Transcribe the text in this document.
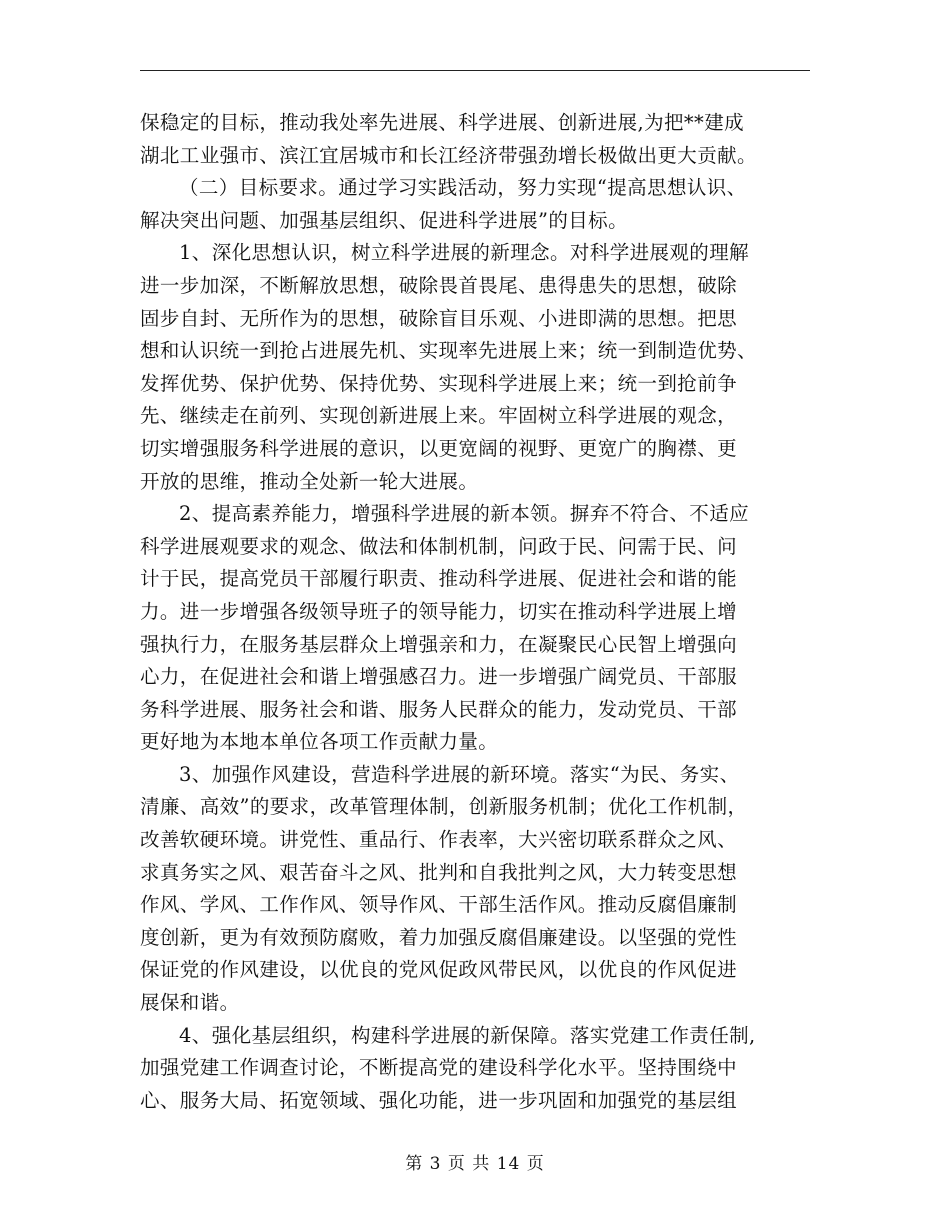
保稳定的目标，推动我处率先进展、科学进展、创新进展,为把**建成
湖北工业强市、滨江宜居城市和长江经济带强劲增长极做出更大贡献。
（二）目标要求。通过学习实践活动，努力实现“提高思想认识、
解决突出问题、加强基层组织、促进科学进展”的目标。
1、深化思想认识，树立科学进展的新理念。对科学进展观的理解
进一步加深，不断解放思想，破除畏首畏尾、患得患失的思想，破除
固步自封、无所作为的思想，破除盲目乐观、小进即满的思想。把思
想和认识统一到抢占进展先机、实现率先进展上来；统一到制造优势、
发挥优势、保护优势、保持优势、实现科学进展上来；统一到抢前争
先、继续走在前列、实现创新进展上来。牢固树立科学进展的观念，
切实增强服务科学进展的意识，以更宽阔的视野、更宽广的胸襟、更
开放的思维，推动全处新一轮大进展。
2、提高素养能力，增强科学进展的新本领。摒弃不符合、不适应
科学进展观要求的观念、做法和体制机制，问政于民、问需于民、问
计于民，提高党员干部履行职责、推动科学进展、促进社会和谐的能
力。进一步增强各级领导班子的领导能力，切实在推动科学进展上增
强执行力，在服务基层群众上增强亲和力，在凝聚民心民智上增强向
心力，在促进社会和谐上增强感召力。进一步增强广阔党员、干部服
务科学进展、服务社会和谐、服务人民群众的能力，发动党员、干部
更好地为本地本单位各项工作贡献力量。
3、加强作风建设，营造科学进展的新环境。落实“为民、务实、
清廉、高效”的要求，改革管理体制，创新服务机制；优化工作机制，
改善软硬环境。讲党性、重品行、作表率，大兴密切联系群众之风、
求真务实之风、艰苦奋斗之风、批判和自我批判之风，大力转变思想
作风、学风、工作作风、领导作风、干部生活作风。推动反腐倡廉制
度创新，更为有效预防腐败，着力加强反腐倡廉建设。以坚强的党性
保证党的作风建设，以优良的党风促政风带民风，以优良的作风促进
展保和谐。
4、强化基层组织，构建科学进展的新保障。落实党建工作责任制,
加强党建工作调查讨论，不断提高党的建设科学化水平。坚持围绕中
心、服务大局、拓宽领域、强化功能，进一步巩固和加强党的基层组
第 3 页 共 14 页
